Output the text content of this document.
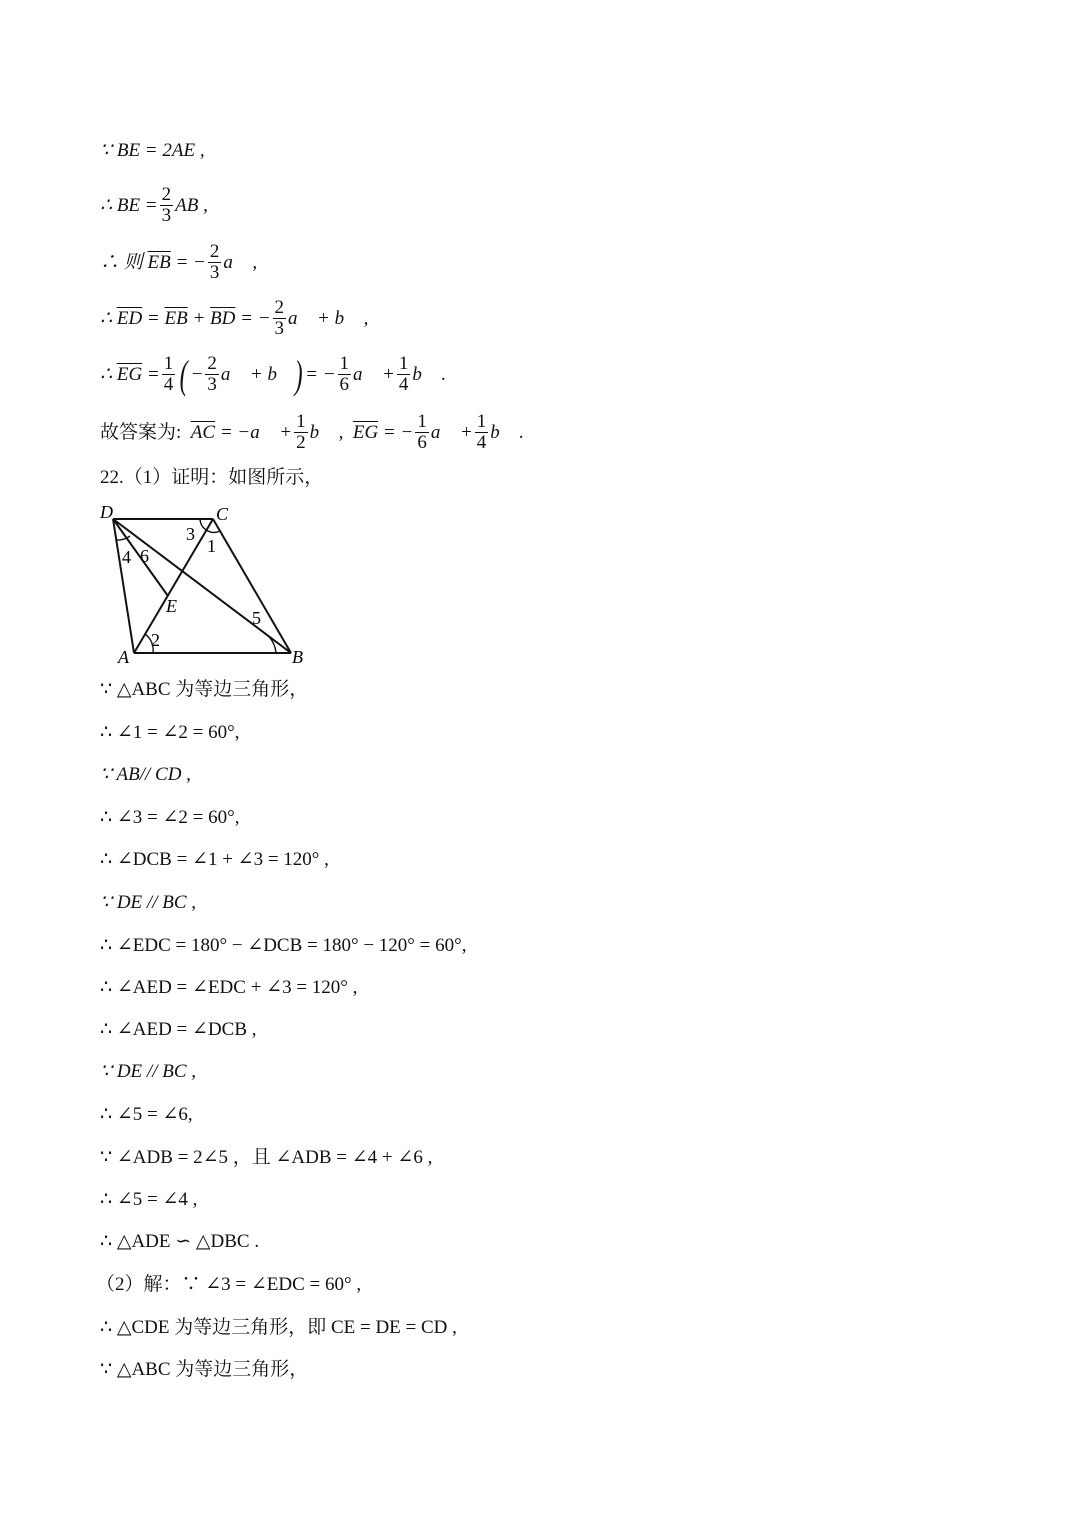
∵ BE = 2AE ,
∴ BE = $\frac{2}{3}$ AB ,
∴ 则
$\overline{EB}$
= − $\frac{2}{3}$ a⃗ ,
∴ $\overline{ED}$
=
$\overline{EB}$
+
$\overline{BD}$
= − $\frac{2}{3}$ a⃗ + b⃗ ,
∴ $\overline{EG} = \frac{1}{4}$ ( − $\frac{2}{3}$ a⃗ + b⃗ ) = − $\frac{1}{6}$ a⃗ + $\frac{1}{4}$ b⃗ .
故答案为:
$\overline{AC}$
= −a⃗ + $\frac{1}{2}$ b⃗ ,
$\overline{EG}$
= − $\frac{1}{6}$ a⃗ + $\frac{1}{4}$ b⃗ .
22.（1）证明：如图所示，
D	C
A	B
E
1
2
3
4
5
6
∵ △ABC 为等边三角形，
∴ ∠1 = ∠2 = 60°,
∵ AB// CD ,
∴ ∠3 = ∠2 = 60°,
∴ ∠DCB = ∠1 + ∠3 = 120° ,
∵ DE // BC ,
∴ ∠EDC = 180° − ∠DCB = 180° − 120° = 60°,
∴ ∠AED = ∠EDC + ∠3 = 120° ,
∴ ∠AED = ∠DCB ,
∵ DE // BC ,
∴ ∠5 = ∠6,
∵ ∠ADB = 2∠5 ，且 ∠ADB = ∠4 + ∠6 ,
∴ ∠5 = ∠4 ,
∴ △ADE ∽ △DBC .
（2）解：∵ ∠3 = ∠EDC = 60° ,
∴ △CDE 为等边三角形，即 CE = DE = CD ,
∵ △ABC 为等边三角形，
